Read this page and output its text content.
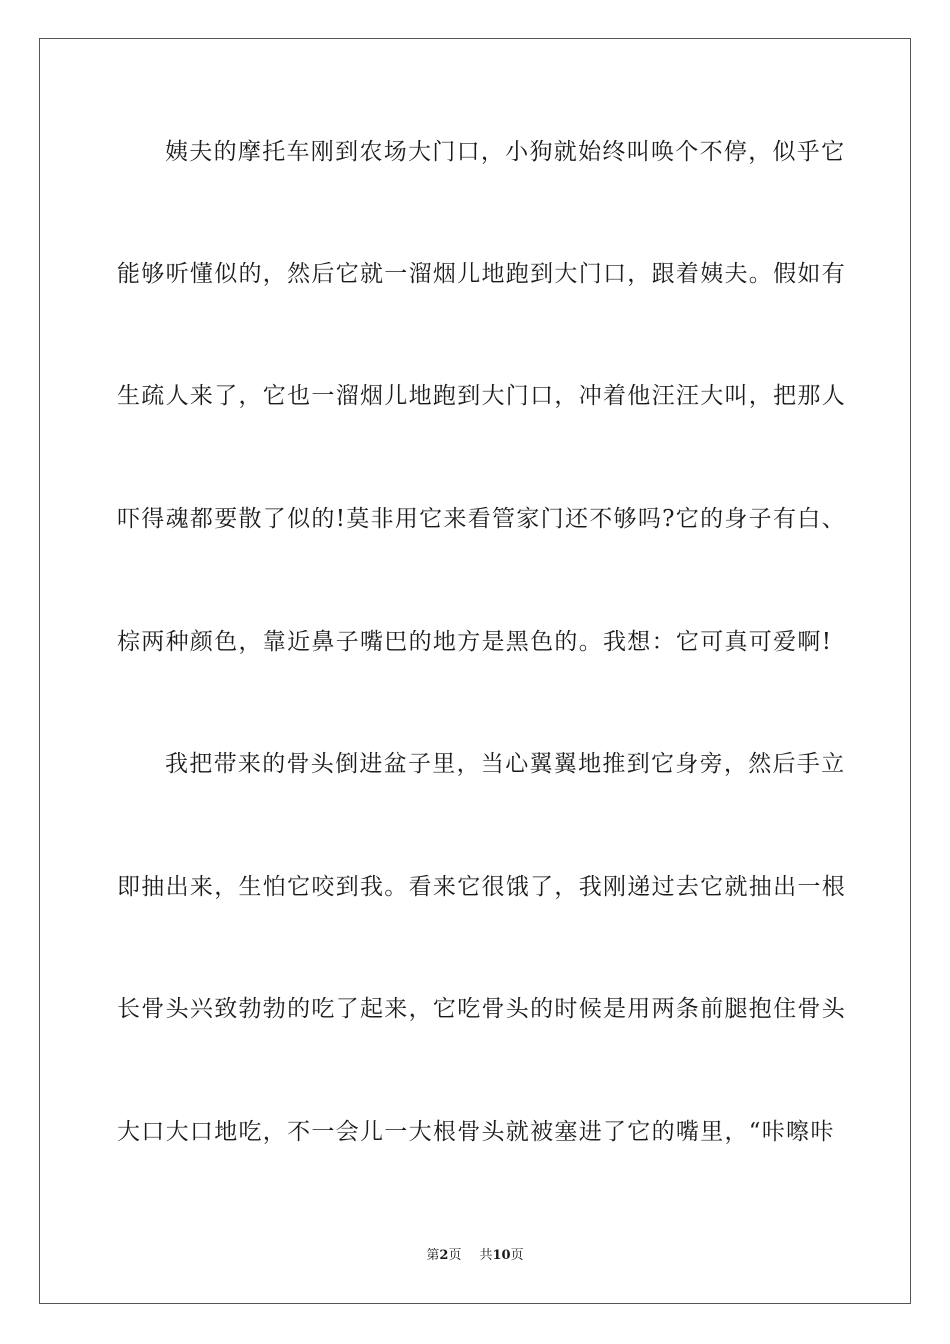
姨夫的摩托车刚到农场大门口，小狗就始终叫唤个不停，似乎它
能够听懂似的，然后它就一溜烟儿地跑到大门口，跟着姨夫。假如有
生疏人来了，它也一溜烟儿地跑到大门口，冲着他汪汪大叫，把那人
吓得魂都要散了似的!莫非用它来看管家门还不够吗?它的身子有白、
棕两种颜色，靠近鼻子嘴巴的地方是黑色的。我想：它可真可爱啊!
我把带来的骨头倒进盆子里，当心翼翼地推到它身旁，然后手立
即抽出来，生怕它咬到我。看来它很饿了，我刚递过去它就抽出一根
长骨头兴致勃勃的吃了起来，它吃骨头的时候是用两条前腿抱住骨头
大口大口地吃，不一会儿一大根骨头就被塞进了它的嘴里，“咔嚓咔
第2页 共10页
